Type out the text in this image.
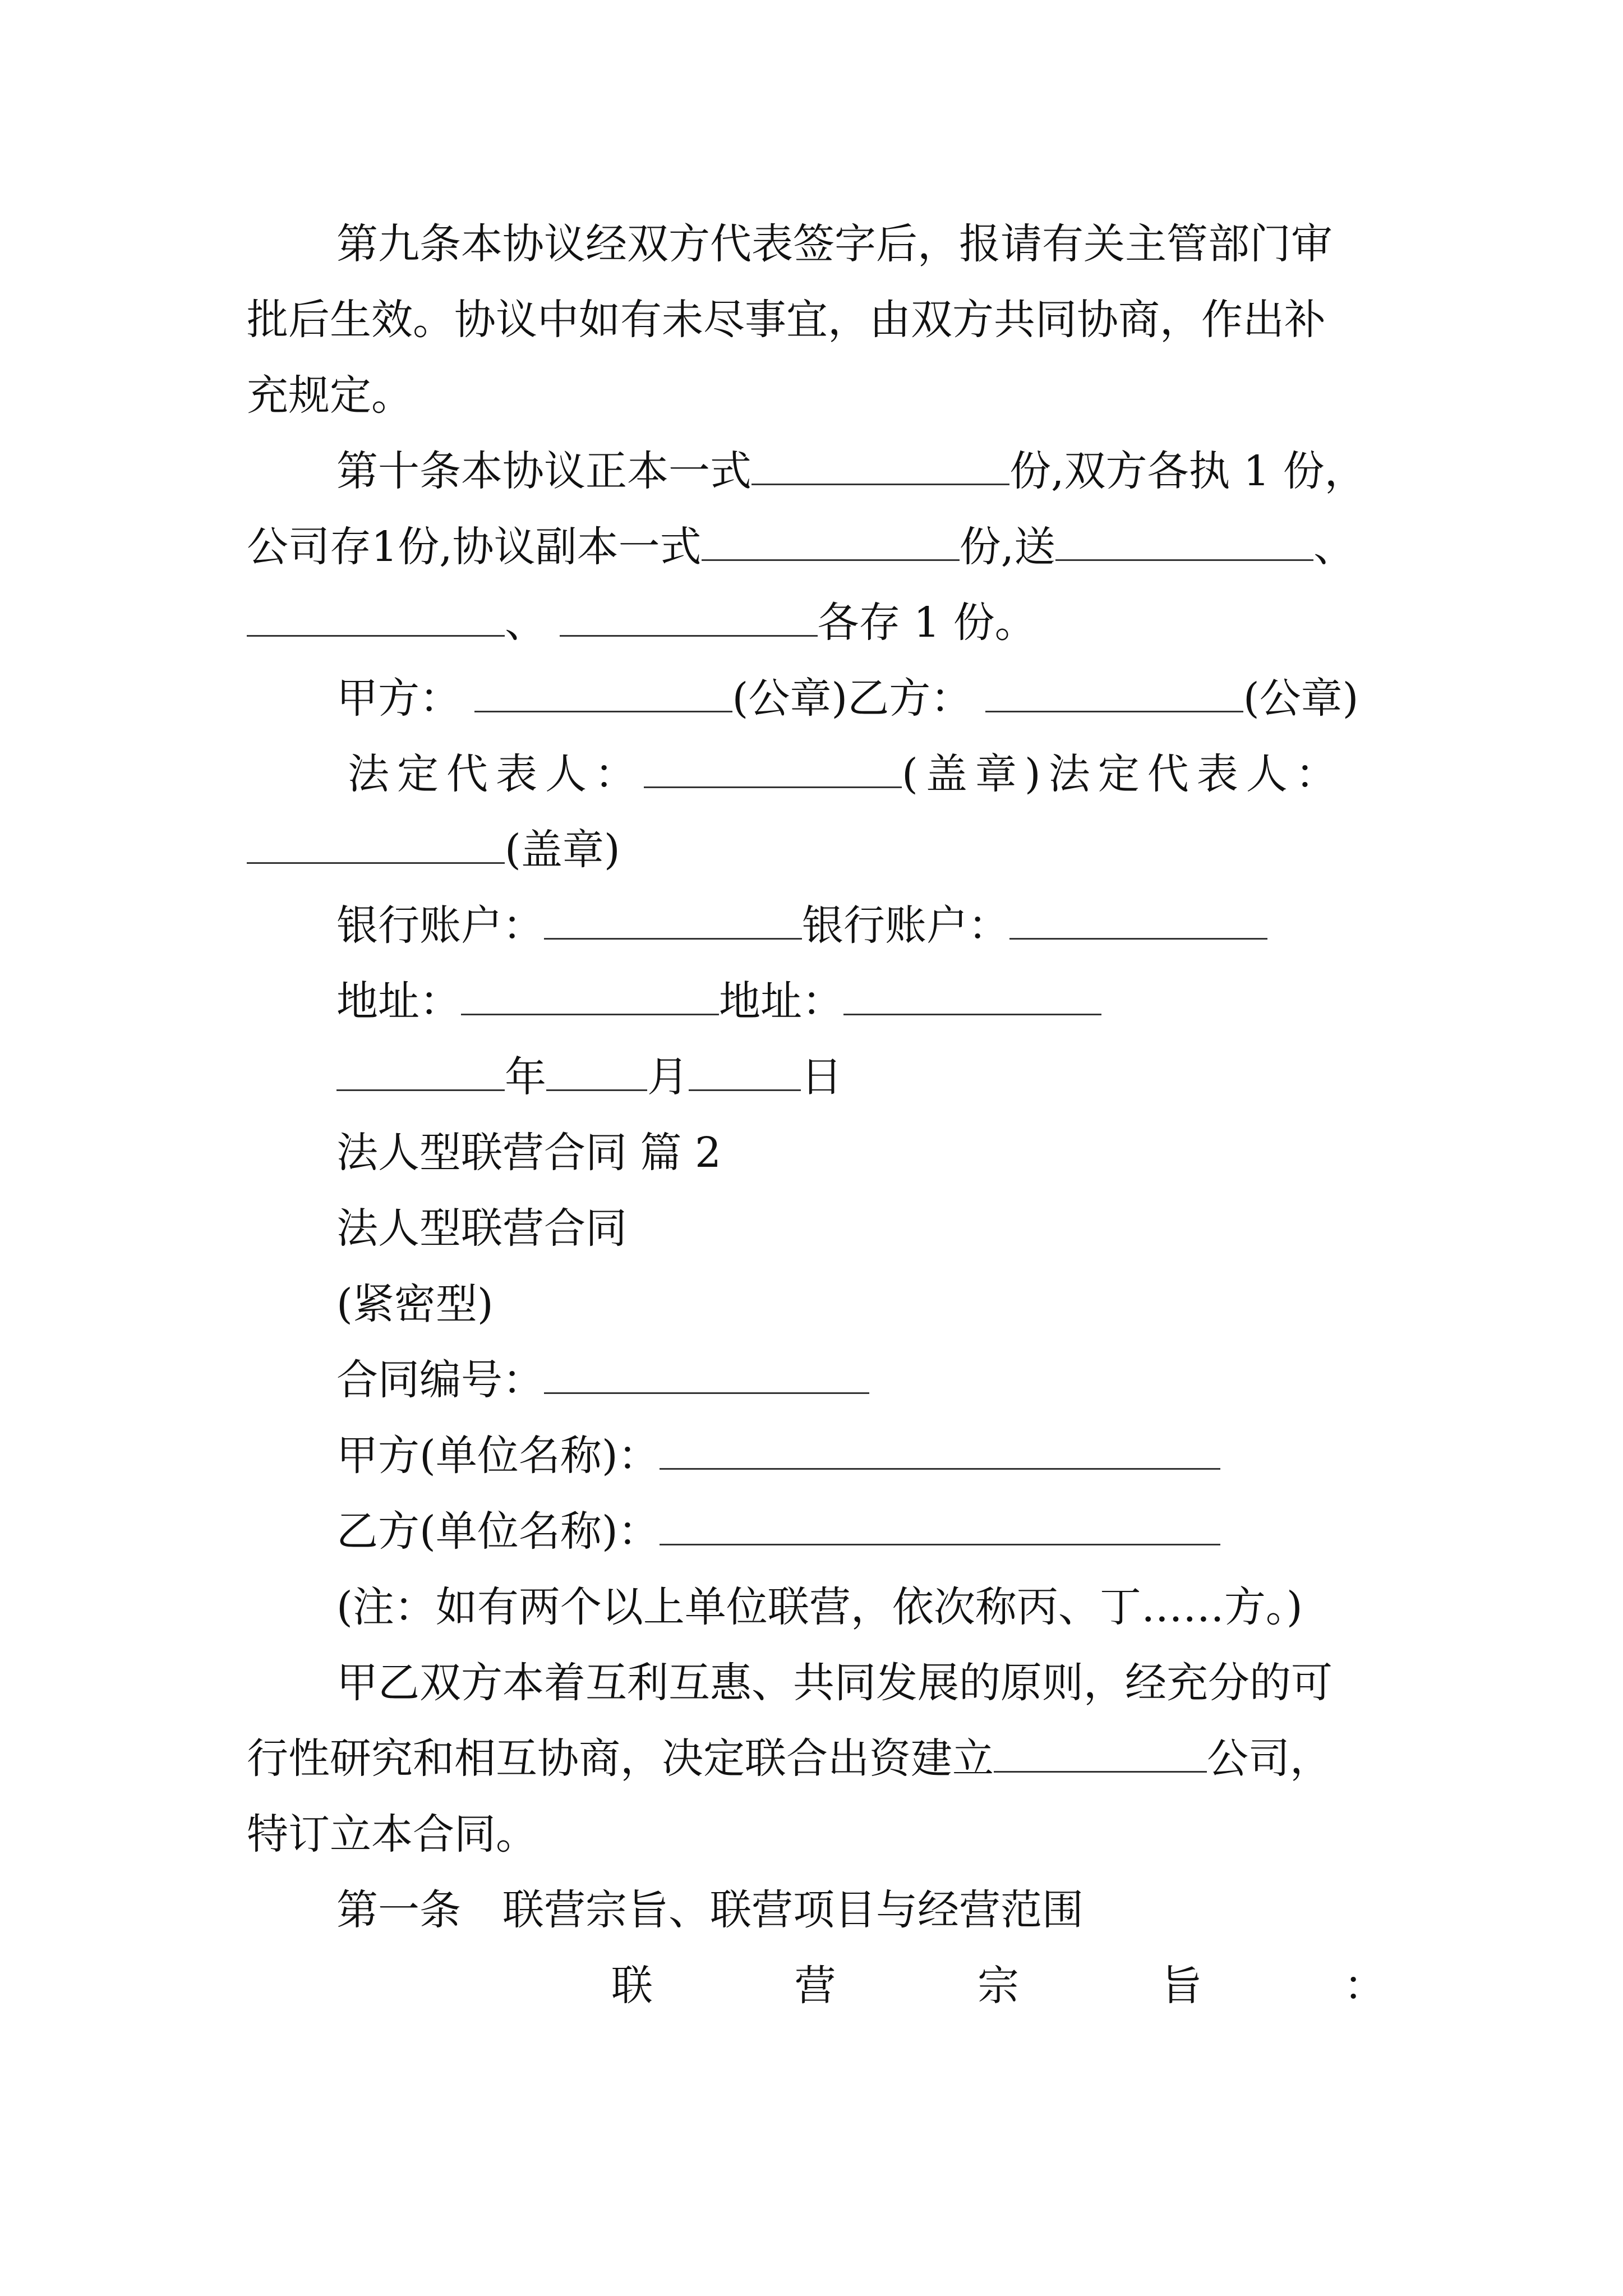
第九条本协议经双方代表签字后，报请有关主管部门审
批后生效。协议中如有未尽事宜，由双方共同协商，作出补
充规定。
第十条本协议正本一式	份,双方各执 1 份，
公司存1份,协议副本一式	份,送	、
、	各存 1 份。
甲方：	(公章)乙方：	(公章)
法定代表人：	(盖章)法定代表人：
(盖章)
银行账户：	银行账户：
地址：	地址：
年 月	日
法人型联营合同 篇 2
法人型联营合同
(紧密型)
合同编号：
甲方(单位名称)：
乙方(单位名称)：
(注：如有两个以上单位联营，依次称丙、丁……方。)
甲乙双方本着互利互惠、共同发展的原则，经充分的可
行性研究和相互协商，决定联合出资建立	公司，
特订立本合同。
第一条　联营宗旨、联营项目与经营范围
联	营	宗	旨	：
